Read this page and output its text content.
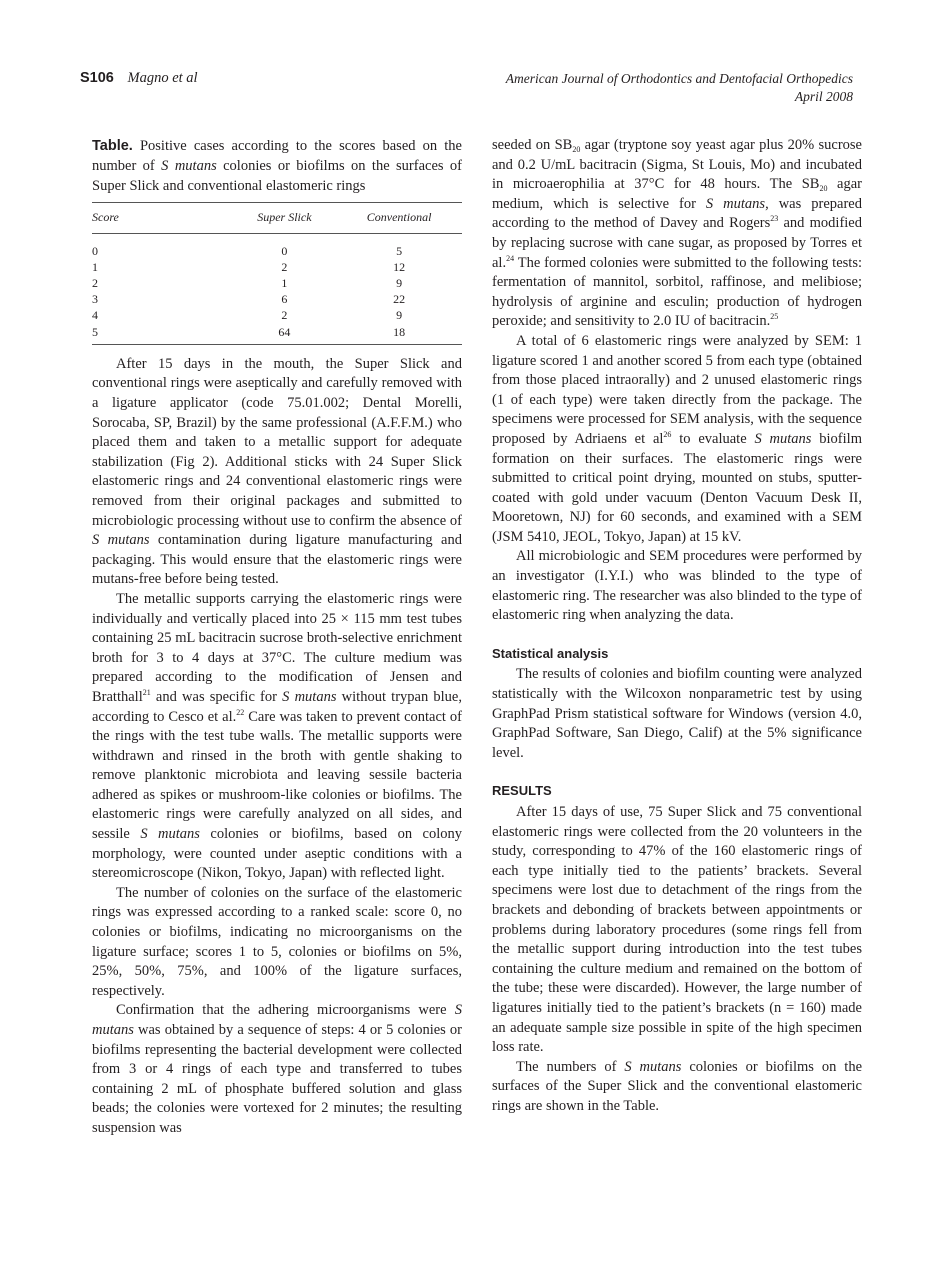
S106 Magno et al	American Journal of Orthodontics and Dentofacial Orthopedics
April 2008
Table. Positive cases according to the scores based on the number of S mutans colonies or biofilms on the surfaces of Super Slick and conventional elastomeric rings
Score	Super Slick	Conventional
0	0	5
1	2	12
2	1	9
3	6	22
4	2	9
5	64	18

After 15 days in the mouth, the Super Slick and conventional rings were aseptically and carefully removed with a ligature applicator (code 75.01.002; Dental Morelli, Sorocaba, SP, Brazil) by the same professional (A.F.F.M.) who placed them and taken to a metallic support for adequate stabilization (Fig 2). Additional sticks with 24 Super Slick elastomeric rings and 24 conventional elastomeric rings were removed from their original packages and submitted to microbiologic processing without use to confirm the absence of S mutans contamination during ligature manufacturing and packaging. This would ensure that the elastomeric rings were mutans-free before being tested.

The metallic supports carrying the elastomeric rings were individually and vertically placed into 25 × 115 mm test tubes containing 25 mL bacitracin sucrose broth-selective enrichment broth for 3 to 4 days at 37°C. The culture medium was prepared according to the modification of Jensen and Bratthall$^{21}$ and was specific for S mutans without trypan blue, according to Cesco et al.$^{22}$ Care was taken to prevent contact of the rings with the test tube walls. The metallic supports were withdrawn and rinsed in the broth with gentle shaking to remove planktonic microbiota and leaving sessile bacteria adhered as spikes or mushroom-like colonies or biofilms. The elastomeric rings were carefully analyzed on all sides, and sessile S mutans colonies or biofilms, based on colony morphology, were counted under aseptic conditions with a stereomicroscope (Nikon, Tokyo, Japan) with reflected light.

The number of colonies on the surface of the elastomeric rings was expressed according to a ranked scale: score 0, no colonies or biofilms, indicating no microorganisms on the ligature surface; scores 1 to 5, colonies or biofilms on 5%, 25%, 50%, 75%, and 100% of the ligature surfaces, respectively.

Confirmation that the adhering microorganisms were S mutans was obtained by a sequence of steps: 4 or 5 colonies or biofilms representing the bacterial development were collected from 3 or 4 rings of each type and transferred to tubes containing 2 mL of phosphate buffered solution and glass beads; the colonies were vortexed for 2 minutes; the resulting suspension was

seeded on $SB_{20}$ agar (tryptone soy yeast agar plus 20% sucrose and 0.2 U/mL bacitracin (Sigma, St Louis, Mo) and incubated in microaerophilia at 37°C for 48 hours. The $SB_{20}$ agar medium, which is selective for S mutans, was prepared according to the method of Davey and Rogers$^{23}$ and modified by replacing sucrose with cane sugar, as proposed by Torres et al.$^{24}$ The formed colonies were submitted to the following tests: fermentation of mannitol, sorbitol, raffinose, and melibiose; hydrolysis of arginine and esculin; production of hydrogen peroxide; and sensitivity to 2.0 IU of bacitracin.$^{25}$

A total of 6 elastomeric rings were analyzed by SEM: 1 ligature scored 1 and another scored 5 from each type (obtained from those placed intraorally) and 2 unused elastomeric rings (1 of each type) were taken directly from the package. The specimens were processed for SEM analysis, with the sequence proposed by Adriaens et $al^{26}$ to evaluate S mutans biofilm formation on their surfaces. The elastomeric rings were submitted to critical point drying, mounted on stubs, sputter-coated with gold under vacuum (Denton Vacuum Desk II, Mooretown, NJ) for 60 seconds, and examined with a SEM (JSM 5410, JEOL, Tokyo, Japan) at 15 kV.

All microbiologic and SEM procedures were performed by an investigator (I.Y.I.) who was blinded to the type of elastomeric ring. The researcher was also blinded to the type of elastomeric ring when analyzing the data.

Statistical analysis

The results of colonies and biofilm counting were analyzed statistically with the Wilcoxon nonparametric test by using GraphPad Prism statistical software for Windows (version 4.0, GraphPad Software, San Diego, Calif) at the 5% significance level.

RESULTS

After 15 days of use, 75 Super Slick and 75 conventional elastomeric rings were collected from the 20 volunteers in the study, corresponding to 47% of the 160 elastomeric rings of each type initially tied to the patients’ brackets. Several specimens were lost due to detachment of the rings from the brackets and debonding of brackets between appointments or problems during laboratory procedures (some rings fell from the metallic support during introduction into the test tubes containing the culture medium and remained on the bottom of the tube; these were discarded). However, the large number of ligatures initially tied to the patient’s brackets (n = 160) made an adequate sample size possible in spite of the high specimen loss rate.

The numbers of S mutans colonies or biofilms on the surfaces of the Super Slick and the conventional elastomeric rings are shown in the Table.
